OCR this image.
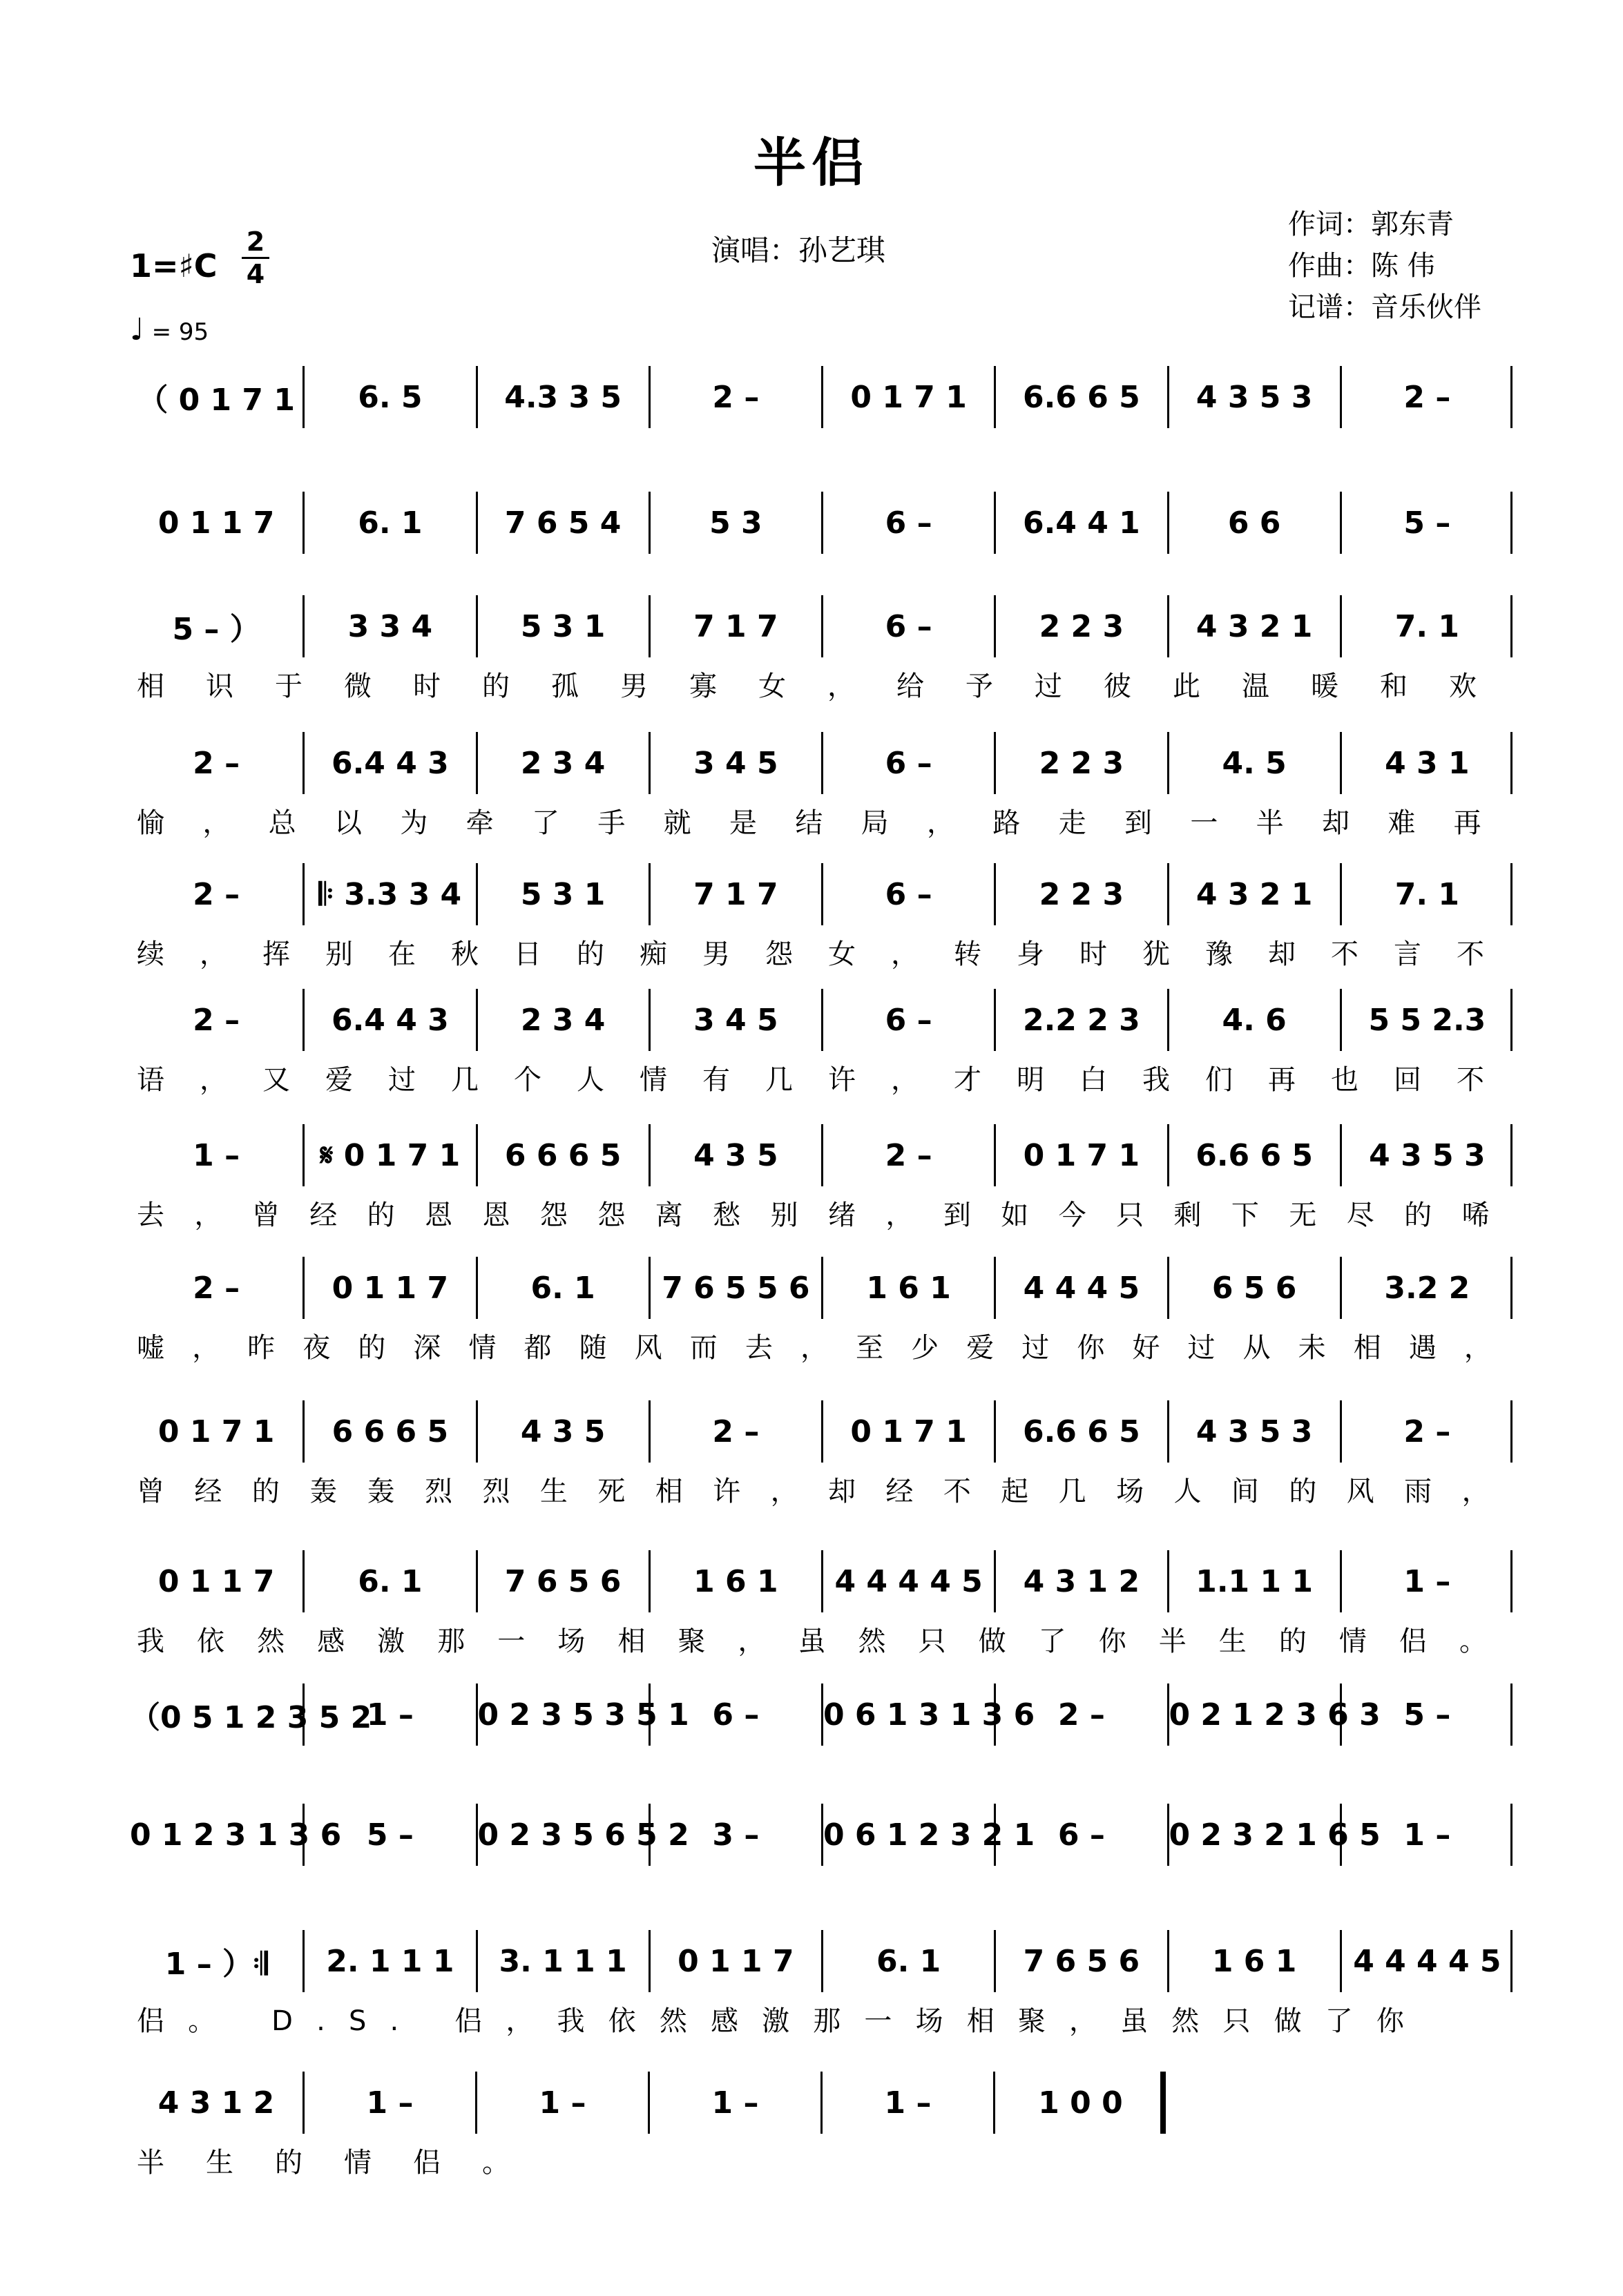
半侣
演唱：孙艺琪
作词：郭东青
作曲：陈 伟
记谱：音乐伙伴
1=♯C
2
4
♩ = 95
（ 0 1 7 1	6. 5	4.3 3 5	2 –	0 1 7 1	6.6 6 5	4 3 5 3	2 –
0 1 1 7	6. 1	7 6 5 4	5 3	6 –	6.4 4 1	6 6	5 –
5 – ）	3 3 4	5 3 1	7 1 7	6 –	2 2 3	4 3 2 1	7. 1
相识于微时的孤男寡女，给予过彼此温暖和欢
2 –	6.4 4 3	2 3 4	3 4 5	6 –	2 2 3	4. 5	4 3 1
愉，总以为牵了手就是结局，路走到一半却难再
2 –	𝄆 3.3 3 4	5 3 1	7 1 7	6 –	2 2 3	4 3 2 1	7. 1
续，挥别在秋日的痴男怨女，转身时犹豫却不言不
2 –	6.4 4 3	2 3 4	3 4 5	6 –	2.2 2 3	4. 6	5 5 2.3
语，又爱过几个人情有几许，才明白我们再也回不
1 –	𝄋 0 1 7 1	6 6 6 5	4 3 5	2 –	0 1 7 1	6.6 6 5	4 3 5 3
去，曾经的恩恩怨怨离愁别绪，到如今只剩下无尽的唏
2 –	0 1 1 7	6. 1	7 6 5 5 6	1 6 1	4 4 4 5	6 5 6	3.2 2
嘘，昨夜的深情都随风而去，至少爱过你好过从未相遇，
0 1 7 1	6 6 6 5	4 3 5	2 –	0 1 7 1	6.6 6 5	4 3 5 3	2 –
曾经的轰轰烈烈生死相许，却经不起几场人间的风雨，
0 1 1 7	6. 1	7 6 5 6	1 6 1	4 4 4 4 5	4 3 1 2	1.1 1 1	1 –
我依然感激那一场相聚，虽然只做了你半生的情侣。
（0 5 1 2 3 5 2
1 –	0 2 3 5 3 5 1 6 –	0 6 1 3 1 3 6 2 –	0 2 1 2 3 6 3 5 –
0 1 2 3 1 3 6 5 –	0 2 3 5 6 5 2 3 –	0 6 1 2 3 2 1 6 –	0 2 3 2 1 6 5 1 –
1 – ）𝄇	2. 1 1 1	3. 1 1 1	0 1 1 7	6. 1	7 6 5 6	1 6 1	4 4 4 4 5
侣。 D.S. 侣，我依然感激那一场相聚，虽然只做了你
4 3 1 2	1 –	1 –	1 –	1 –	1 0 0
半生的情侣。
